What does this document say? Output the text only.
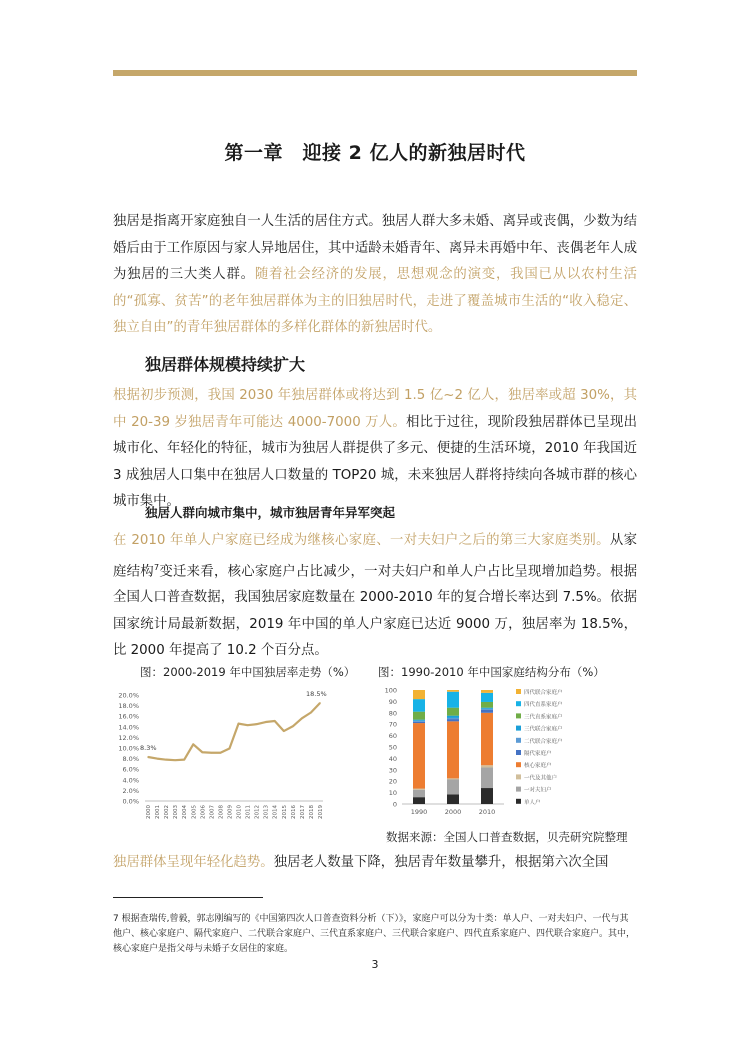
第一章　迎接 2 亿人的新独居时代
独居是指离开家庭独自一人生活的居住方式。独居人群大多未婚、离异或丧偶，少数为结婚后由于工作原因与家人异地居住，其中适龄未婚青年、离异未再婚中年、丧偶老年人成为独居的三大类人群。随着社会经济的发展，思想观念的演变，我国已从以农村生活的“孤寡、贫苦”的老年独居群体为主的旧独居时代，走进了覆盖城市生活的“收入稳定、独立自由”的青年独居群体的多样化群体的新独居时代。
独居群体规模持续扩大
根据初步预测，我国 2030 年独居群体或将达到 1.5 亿~2 亿人，独居率或超 30%，其中 20-39 岁独居青年可能达 4000-7000 万人。相比于过往，现阶段独居群体已呈现出城市化、年轻化的特征，城市为独居人群提供了多元、便捷的生活环境，2010 年我国近 3 成独居人口集中在独居人口数量的 TOP20 城，未来独居人群将持续向各城市群的核心城市集中。
独居人群向城市集中，城市独居青年异军突起
在 2010 年单人户家庭已经成为继核心家庭、一对夫妇户之后的第三大家庭类别。从家庭结构$^7$变迁来看，核心家庭户占比减少，一对夫妇户和单人户占比呈现增加趋势。根据全国人口普查数据，我国独居家庭数量在 2000-2010 年的复合增长率达到 7.5%。依据国家统计局最新数据，2019 年中国的单人户家庭已达近 9000 万，独居率为 18.5%，比 2000 年提高了 10.2 个百分点。
图：2000-2019 年中国独居率走势（%）
0.0%
2.0%
4.0%
6.0%
8.0%
10.0%
12.0%
14.0%
16.0%
18.0%
20.0%
2000 2001 2002 2003 2004 2005 2006 2007 2008 2009 2010 2011 2012 2013 2014 2015 2016 2017 2018 2019
8.3%
18.5%
图：1990-2010 年中国家庭结构分布（%）
0
10
20
30
40
50
60
70
80
90
100
1990	2000	2010
四代联合家庭户
四代直系家庭户
三代直系家庭户
三代联合家庭户
二代联合家庭户
隔代家庭户
核心家庭户
一代及其他户
一对夫妇户
单人户
数据来源：全国人口普查数据，贝壳研究院整理
独居群体呈现年轻化趋势。独居老人数量下降，独居青年数量攀升，根据第六次全国
7 根据查瑞传,曾毅，郭志刚编写的《中国第四次人口普查资料分析（下）》，家庭户可以分为十类：单人户、一对夫妇户、一代与其他户、核心家庭户、隔代家庭户、二代联合家庭户、三代直系家庭户、三代联合家庭户、四代直系家庭户、四代联合家庭户。其中，核心家庭户是指父母与未婚子女居住的家庭。
3
